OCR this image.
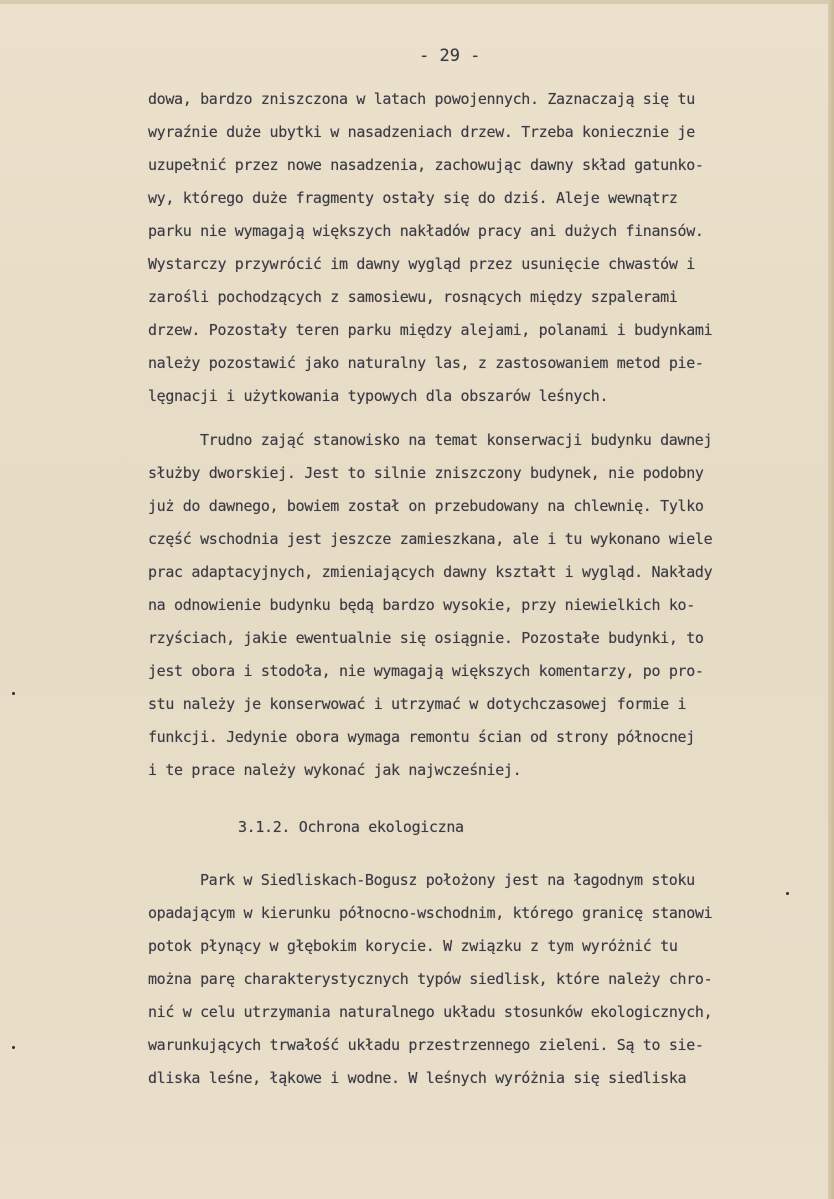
- 29 -
dowa, bardzo zniszczona w latach powojennych. Zaznaczają się tu
wyraźnie duże ubytki w nasadzeniach drzew. Trzeba koniecznie je
uzupełnić przez nowe nasadzenia, zachowując dawny skład gatunko-
wy, którego duże fragmenty ostały się do dziś. Aleje wewnątrz
parku nie wymagają większych nakładów pracy ani dużych finansów.
Wystarczy przywrócić im dawny wygląd przez usunięcie chwastów i
zarośli pochodzących z samosiewu, rosnących między szpalerami
drzew. Pozostały teren parku między alejami, polanami i budynkami
należy pozostawić jako naturalny las, z zastosowaniem metod pie-
lęgnacji i użytkowania typowych dla obszarów leśnych.
Trudno zająć stanowisko na temat konserwacji budynku dawnej
służby dworskiej. Jest to silnie zniszczony budynek, nie podobny
już do dawnego, bowiem został on przebudowany na chlewnię. Tylko
część wschodnia jest jeszcze zamieszkana, ale i tu wykonano wiele
prac adaptacyjnych, zmieniających dawny kształt i wygląd. Nakłady
na odnowienie budynku będą bardzo wysokie, przy niewielkich ko-
rzyściach, jakie ewentualnie się osiągnie. Pozostałe budynki, to
jest obora i stodoła, nie wymagają większych komentarzy, po pro-
stu należy je konserwować i utrzymać w dotychczasowej formie i
funkcji. Jedynie obora wymaga remontu ścian od strony północnej
i te prace należy wykonać jak najwcześniej.
3.1.2. Ochrona ekologiczna
Park w Siedliskach-Bogusz położony jest na łagodnym stoku
opadającym w kierunku północno-wschodnim, którego granicę stanowi
potok płynący w głębokim korycie. W związku z tym wyróżnić tu
można parę charakterystycznych typów siedlisk, które należy chro-
nić w celu utrzymania naturalnego układu stosunków ekologicznych,
warunkujących trwałość układu przestrzennego zieleni. Są to sie-
dliska leśne, łąkowe i wodne. W leśnych wyróżnia się siedliska
